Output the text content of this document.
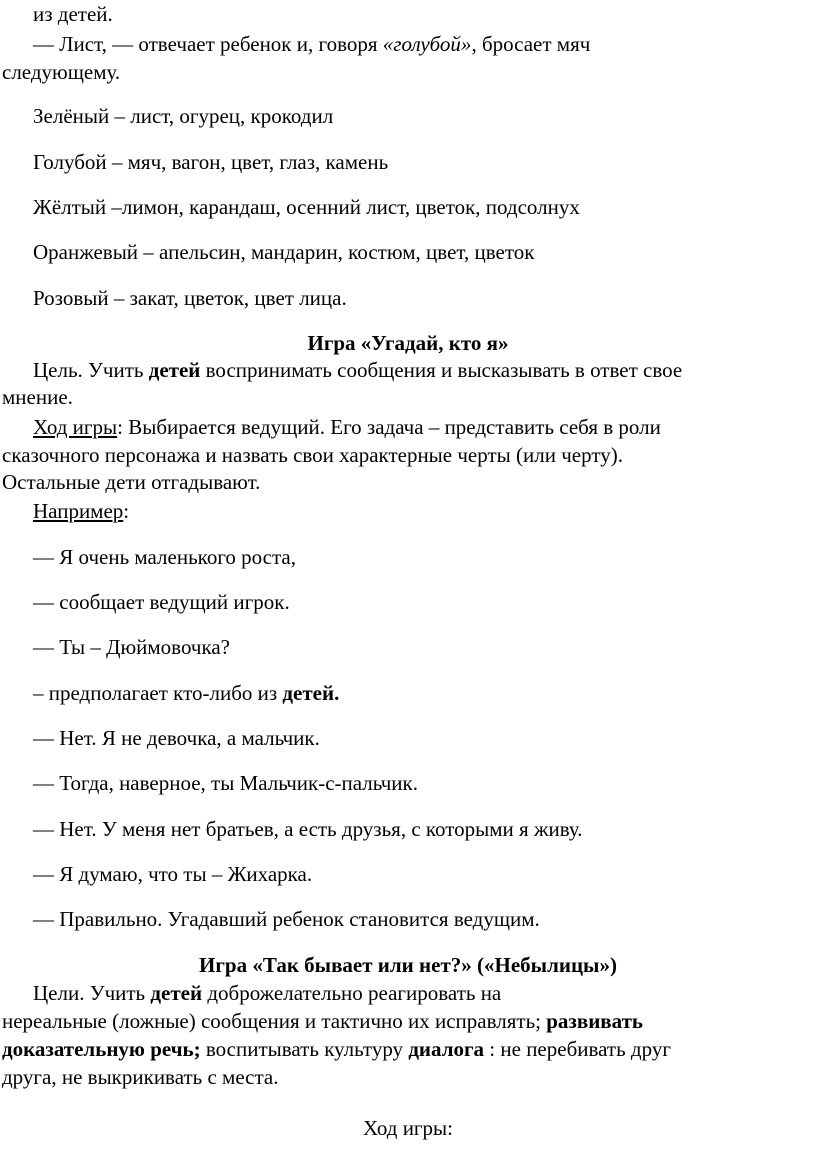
из детей.

— Лист, — отвечает ребенок и, говоря «голубой», бросает мяч

следующему.

Зелёный – лист, огурец, крокодил

Голубой – мяч, вагон, цвет, глаз, камень

Жёлтый –лимон, карандаш, осенний лист, цветок, подсолнух

Оранжевый – апельсин, мандарин, костюм, цвет, цветок

Розовый – закат, цветок, цвет лица.

Игра «Угадай, кто я»

Цель. Учить детей воспринимать сообщения и высказывать в ответ свое

мнение.

Ход игры: Выбирается ведущий. Его задача – представить себя в роли

сказочного персонажа и назвать свои характерные черты (или черту).

Остальные дети отгадывают.

Например:

— Я очень маленького роста,

— сообщает ведущий игрок.

— Ты – Дюймовочка?

– предполагает кто-либо из детей.

— Нет. Я не девочка, а мальчик.

— Тогда, наверное, ты Мальчик-с-пальчик.

— Нет. У меня нет братьев, а есть друзья, с которыми я живу.

— Я думаю, что ты – Жихарка.

— Правильно. Угадавший ребенок становится ведущим.

Игра «Так бывает или нет?» («Небылицы»)

Цели. Учить детей доброжелательно реагировать на

нереальные (ложные) сообщения и тактично их исправлять; развивать

доказательную речь; воспитывать культуру диалога : не перебивать друг

друга, не выкрикивать с места.

Ход игры:
